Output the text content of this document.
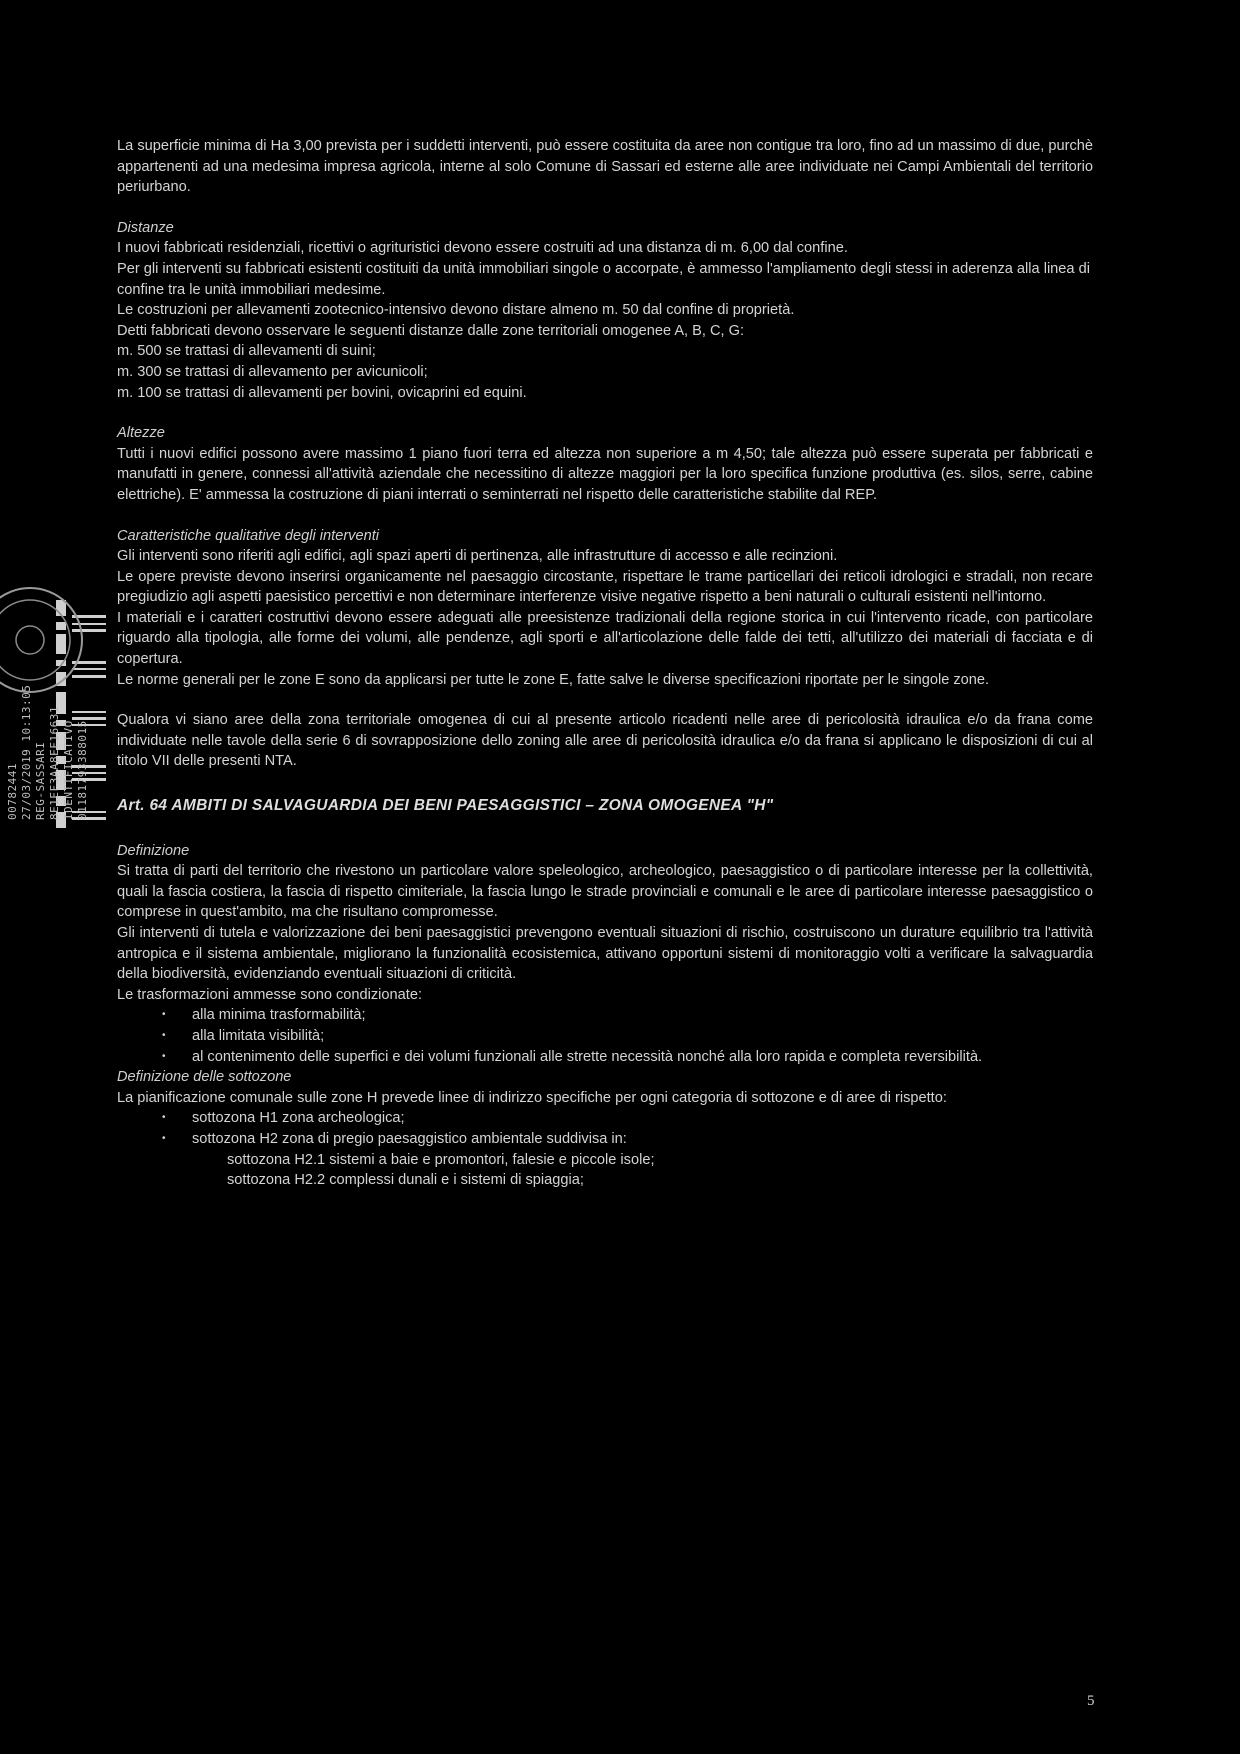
00782441 27/03/2019 10:13:05 REG-SASSARI 8E1EF3AA8EF16631 IDENTIFICATIVO 01181793388015

La superficie minima di Ha 3,00 prevista per i suddetti interventi, può essere costituita da aree non contigue tra loro, fino ad un massimo di due, purchè appartenenti ad una medesima impresa agricola, interne al solo Comune di Sassari ed esterne alle aree individuate nei Campi Ambientali del territorio periurbano.

Distanze

I nuovi fabbricati residenziali, ricettivi o agrituristici devono essere costruiti ad una distanza di m. 6,00 dal confine.

Per gli interventi su fabbricati esistenti costituiti da unità immobiliari singole o accorpate, è ammesso l'ampliamento degli stessi in aderenza alla linea di confine tra le unità immobiliari medesime.

Le costruzioni per allevamenti zootecnico-intensivo devono distare almeno m. 50 dal confine di proprietà.

Detti fabbricati devono osservare le seguenti distanze dalle zone territoriali omogenee A, B, C, G:

m. 500 se trattasi di allevamenti di suini;

m. 300 se trattasi di allevamento per avicunicoli;

m. 100 se trattasi di allevamenti per bovini, ovicaprini ed equini.

Altezze

Tutti i nuovi edifici possono avere massimo 1 piano fuori terra ed altezza non superiore a m 4,50; tale altezza può essere superata per fabbricati e manufatti in genere, connessi all'attività aziendale che necessitino di altezze maggiori per la loro specifica funzione produttiva (es. silos, serre, cabine elettriche). E' ammessa la costruzione di piani interrati o seminterrati nel rispetto delle caratteristiche stabilite dal REP.

Caratteristiche qualitative degli interventi

Gli interventi sono riferiti agli edifici, agli spazi aperti di pertinenza, alle infrastrutture di accesso e alle recinzioni.

Le opere previste devono inserirsi organicamente nel paesaggio circostante, rispettare le trame particellari dei reticoli idrologici e stradali, non recare pregiudizio agli aspetti paesistico percettivi e non determinare interferenze visive negative rispetto a beni naturali o culturali esistenti nell'intorno.

I materiali e i caratteri costruttivi devono essere adeguati alle preesistenze tradizionali della regione storica in cui l'intervento ricade, con particolare riguardo alla tipologia, alle forme dei volumi, alle pendenze, agli sporti e all'articolazione delle falde dei tetti, all'utilizzo dei materiali di facciata e di copertura.

Le norme generali per le zone E sono da applicarsi per tutte le zone E, fatte salve le diverse specificazioni riportate per le singole zone.

Qualora vi siano aree della zona territoriale omogenea di cui al presente articolo ricadenti nelle aree di pericolosità idraulica e/o da frana come individuate nelle tavole della serie 6 di sovrapposizione dello zoning alle aree di pericolosità idraulica e/o da frana si applicano le disposizioni di cui al titolo VII delle presenti NTA.

Art. 64 AMBITI DI SALVAGUARDIA DEI BENI PAESAGGISTICI – ZONA OMOGENEA "H"

Definizione

Si tratta di parti del territorio che rivestono un particolare valore speleologico, archeologico, paesaggistico o di particolare interesse per la collettività, quali la fascia costiera, la fascia di rispetto cimiteriale, la fascia lungo le strade provinciali e comunali e le aree di particolare interesse paesaggistico o comprese in quest'ambito, ma che risultano compromesse.

Gli interventi di tutela e valorizzazione dei beni paesaggistici prevengono eventuali situazioni di rischio, costruiscono un durature equilibrio tra l'attività antropica e il sistema ambientale, migliorano la funzionalità ecosistemica, attivano opportuni sistemi di monitoraggio volti a verificare la salvaguardia della biodiversità, evidenziando eventuali situazioni di criticità.

Le trasformazioni ammesse sono condizionate:

• alla minima trasformabilità;
• alla limitata visibilità;
• al contenimento delle superfici e dei volumi funzionali alle strette necessità nonché alla loro rapida e completa reversibilità.

Definizione delle sottozone

La pianificazione comunale sulle zone H prevede linee di indirizzo specifiche per ogni categoria di sottozone e di aree di rispetto:

• sottozona H1 zona archeologica;
• sottozona H2 zona di pregio paesaggistico ambientale suddivisa in:
sottozona H2.1 sistemi a baie e promontori, falesie e piccole isole;
sottozona H2.2 complessi dunali e i sistemi di spiaggia;
5
